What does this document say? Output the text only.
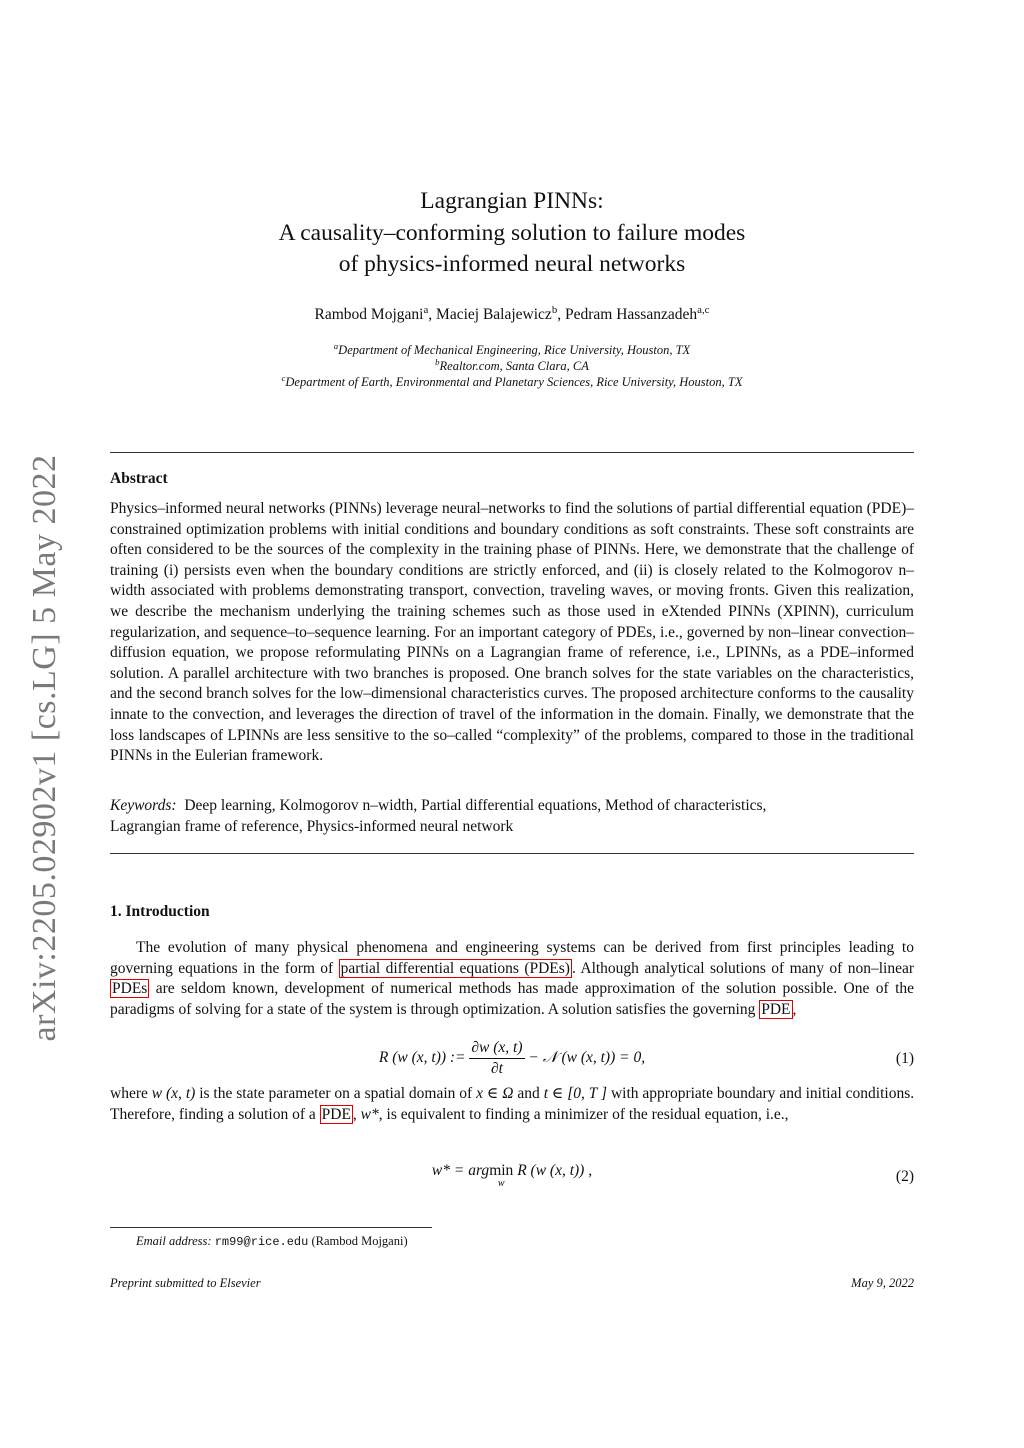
arXiv:2205.02902v1 [cs.LG] 5 May 2022
Lagrangian PINNs:
A causality–conforming solution to failure modes
of physics-informed neural networks
Rambod Mojgani$^a$, Maciej Balajewicz$^b$, Pedram Hassanzadeh$^{a,c}$
$^a$Department of Mechanical Engineering, Rice University, Houston, TX
$^b$Realtor.com, Santa Clara, CA
$^c$Department of Earth, Environmental and Planetary Sciences, Rice University, Houston, TX
Abstract
Physics–informed neural networks (PINNs) leverage neural–networks to find the solutions of partial differential equation (PDE)–constrained optimization problems with initial conditions and boundary conditions as soft constraints. These soft constraints are often considered to be the sources of the complexity in the training phase of PINNs. Here, we demonstrate that the challenge of training (i) persists even when the boundary conditions are strictly enforced, and (ii) is closely related to the Kolmogorov n–width associated with problems demonstrating transport, convection, traveling waves, or moving fronts. Given this realization, we describe the mechanism underlying the training schemes such as those used in eXtended PINNs (XPINN), curriculum regularization, and sequence–to–sequence learning. For an important category of PDEs, i.e., governed by non–linear convection–diffusion equation, we propose reformulating PINNs on a Lagrangian frame of reference, i.e., LPINNs, as a PDE–informed solution. A parallel architecture with two branches is proposed. One branch solves for the state variables on the characteristics, and the second branch solves for the low–dimensional characteristics curves. The proposed architecture conforms to the causality innate to the convection, and leverages the direction of travel of the information in the domain. Finally, we demonstrate that the loss landscapes of LPINNs are less sensitive to the so–called “complexity” of the problems, compared to those in the traditional PINNs in the Eulerian framework.
Keywords: Deep learning, Kolmogorov n–width, Partial differential equations, Method of characteristics,
Lagrangian frame of reference, Physics-informed neural network
1. Introduction
The evolution of many physical phenomena and engineering systems can be derived from first principles leading to governing equations in the form of partial differential equations (PDEs) . Although analytical solutions of many of non–linear PDEs are seldom known, development of numerical methods has made approximation of the solution possible. One of the paradigms of solving for a state of the system is through optimization. A solution satisfies the governing PDE ,
R (w (x, t)) := $\frac{\partial w (x, t)}{\partial t}$ − 𝒩 (w (x, t)) = 0,	(1)
where w (x, t) is the state parameter on a spatial domain of x ∈ Ω and t ∈ [0, T ] with appropriate boundary and initial conditions. Therefore, finding a solution of a PDE , w*, is equivalent to finding a minimizer of the residual equation, i.e.,
w* = argmin
w
R (w (x, t)) ,	(2)
Email address: rm99@rice.edu (Rambod Mojgani)
Preprint submitted to Elsevier	May 9, 2022
